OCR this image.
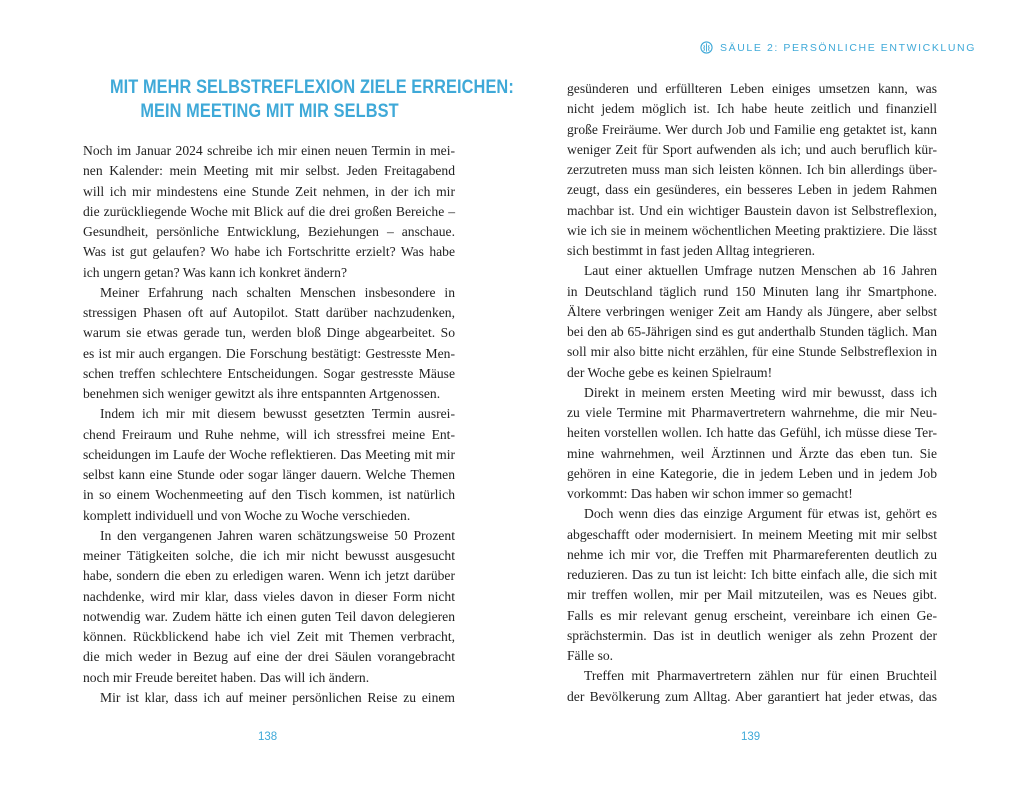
MIT MEHR SELBSTREFLEXION ZIELE ERREICHEN:
MEIN MEETING MIT MIR SELBST
Noch im Januar 2024 schreibe ich mir einen neuen Termin in mei-
nen Kalender: mein Meeting mit mir selbst. Jeden Freitagabend
will ich mir mindestens eine Stunde Zeit nehmen, in der ich mir
die zurückliegende Woche mit Blick auf die drei großen Bereiche –
Gesundheit, persönliche Entwicklung, Beziehungen – anschaue.
Was ist gut gelaufen? Wo habe ich Fortschritte erzielt? Was habe
ich ungern getan? Was kann ich konkret ändern?
Meiner Erfahrung nach schalten Menschen insbesondere in
stressigen Phasen oft auf Autopilot. Statt darüber nachzudenken,
warum sie etwas gerade tun, werden bloß Dinge abgearbeitet. So
es ist mir auch ergangen. Die Forschung bestätigt: Gestresste Men-
schen treffen schlechtere Entscheidungen. Sogar gestresste Mäuse
benehmen sich weniger gewitzt als ihre entspannten Artgenossen.
Indem ich mir mit diesem bewusst gesetzten Termin ausrei-
chend Freiraum und Ruhe nehme, will ich stressfrei meine Ent-
scheidungen im Laufe der Woche reflektieren. Das Meeting mit mir
selbst kann eine Stunde oder sogar länger dauern. Welche Themen
in so einem Wochenmeeting auf den Tisch kommen, ist natürlich
komplett individuell und von Woche zu Woche verschieden.
In den vergangenen Jahren waren schätzungsweise 50 Prozent
meiner Tätigkeiten solche, die ich mir nicht bewusst ausgesucht
habe, sondern die eben zu erledigen waren. Wenn ich jetzt darüber
nachdenke, wird mir klar, dass vieles davon in dieser Form nicht
notwendig war. Zudem hätte ich einen guten Teil davon delegieren
können. Rückblickend habe ich viel Zeit mit Themen verbracht,
die mich weder in Bezug auf eine der drei Säulen vorangebracht
noch mir Freude bereitet haben. Das will ich ändern.
Mir ist klar, dass ich auf meiner persönlichen Reise zu einem
138
SÄULE 2: PERSÖNLICHE ENTWICKLUNG
gesünderen und erfüllteren Leben einiges umsetzen kann, was
nicht jedem möglich ist. Ich habe heute zeitlich und finanziell
große Freiräume. Wer durch Job und Familie eng getaktet ist, kann
weniger Zeit für Sport aufwenden als ich; und auch beruflich kür-
zerzutreten muss man sich leisten können. Ich bin allerdings über-
zeugt, dass ein gesünderes, ein besseres Leben in jedem Rahmen
machbar ist. Und ein wichtiger Baustein davon ist Selbstreflexion,
wie ich sie in meinem wöchentlichen Meeting praktiziere. Die lässt
sich bestimmt in fast jeden Alltag integrieren.
Laut einer aktuellen Umfrage nutzen Menschen ab 16 Jahren
in Deutschland täglich rund 150 Minuten lang ihr Smartphone.
Ältere verbringen weniger Zeit am Handy als Jüngere, aber selbst
bei den ab 65-Jährigen sind es gut anderthalb Stunden täglich. Man
soll mir also bitte nicht erzählen, für eine Stunde Selbstreflexion in
der Woche gebe es keinen Spielraum!
Direkt in meinem ersten Meeting wird mir bewusst, dass ich
zu viele Termine mit Pharmavertretern wahrnehme, die mir Neu-
heiten vorstellen wollen. Ich hatte das Gefühl, ich müsse diese Ter-
mine wahrnehmen, weil Ärztinnen und Ärzte das eben tun. Sie
gehören in eine Kategorie, die in jedem Leben und in jedem Job
vorkommt: Das haben wir schon immer so gemacht!
Doch wenn dies das einzige Argument für etwas ist, gehört es
abgeschafft oder modernisiert. In meinem Meeting mit mir selbst
nehme ich mir vor, die Treffen mit Pharmareferenten deutlich zu
reduzieren. Das zu tun ist leicht: Ich bitte einfach alle, die sich mit
mir treffen wollen, mir per Mail mitzuteilen, was es Neues gibt.
Falls es mir relevant genug erscheint, vereinbare ich einen Ge-
sprächstermin. Das ist in deutlich weniger als zehn Prozent der
Fälle so.
Treffen mit Pharmavertretern zählen nur für einen Bruchteil
der Bevölkerung zum Alltag. Aber garantiert hat jeder etwas, das
139
